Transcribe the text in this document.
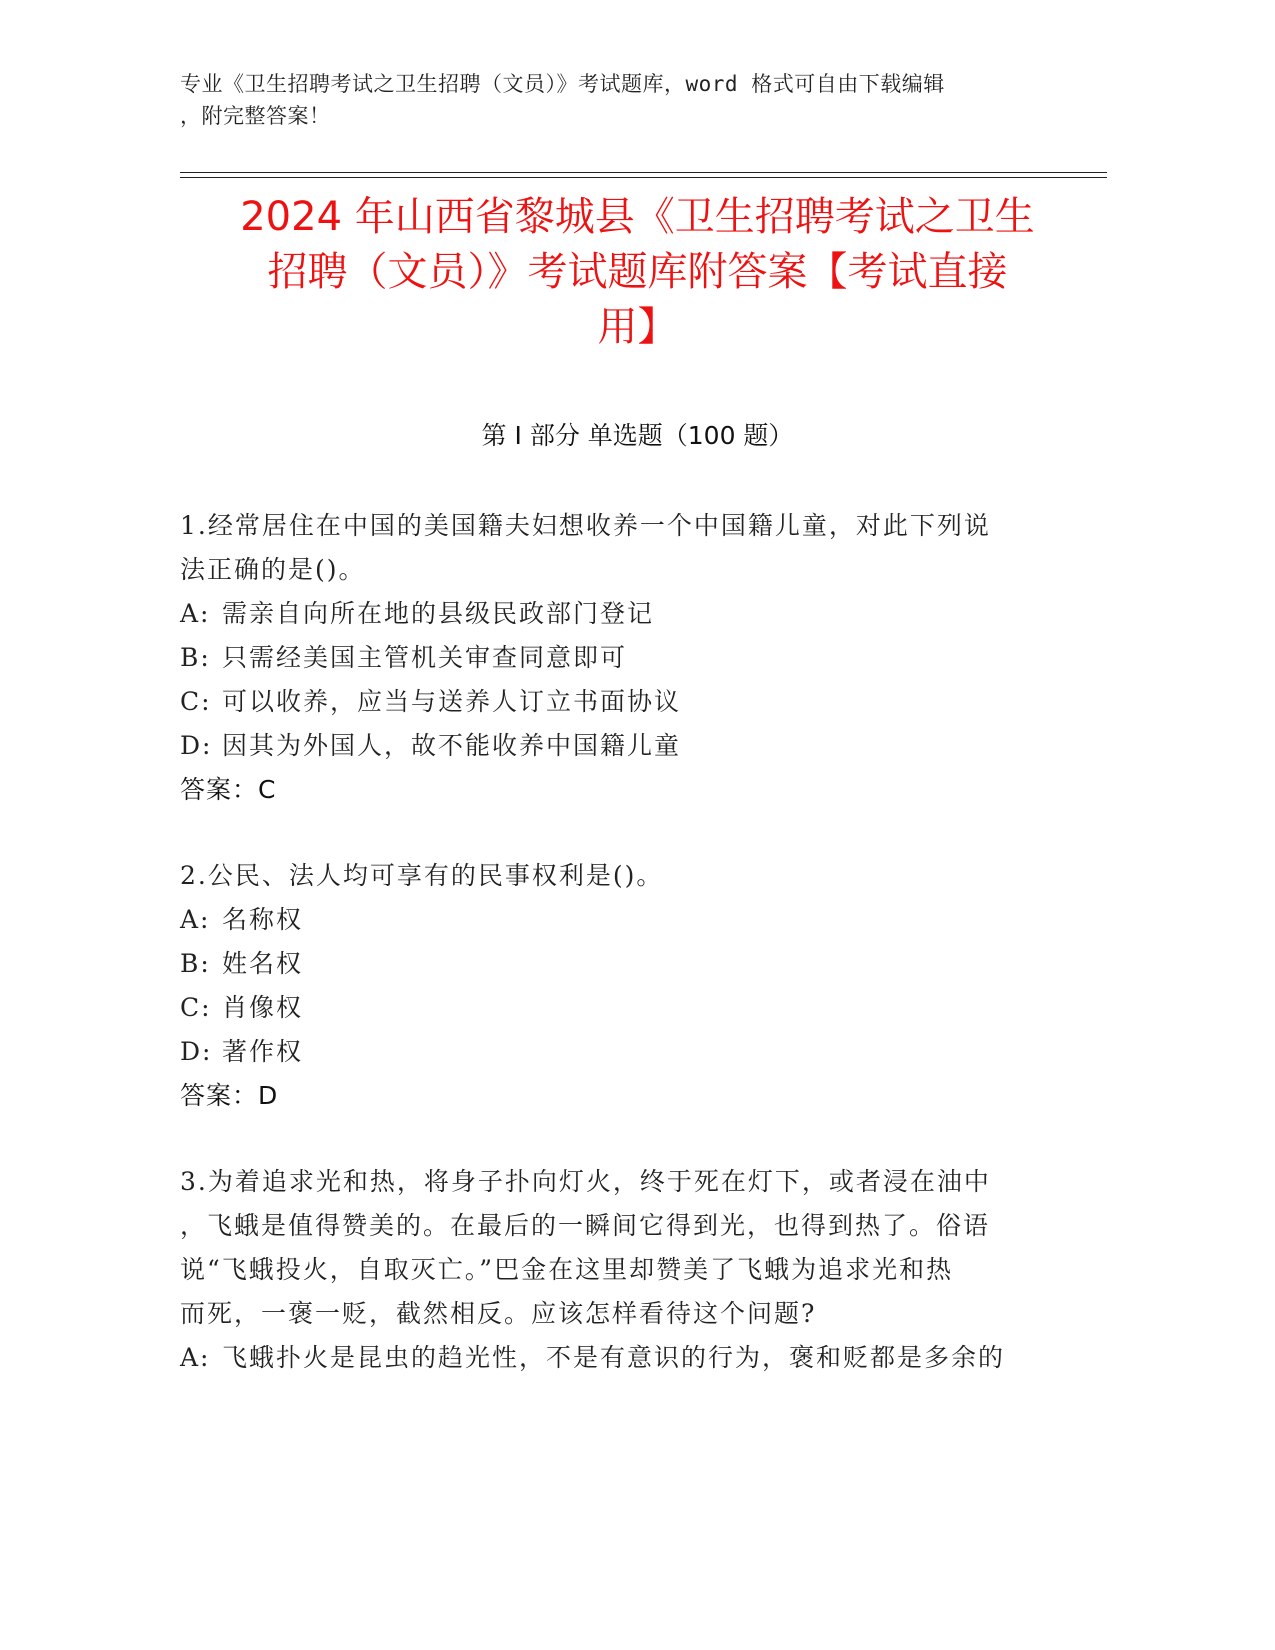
专业《卫生招聘考试之卫生招聘（文员）》考试题库，word 格式可自由下载编辑
，附完整答案！
2024 年山西省黎城县《卫生招聘考试之卫生
招聘（文员）》考试题库附答案【考试直接
用】
第 I 部分 单选题（100 题）
1.经常居住在中国的美国籍夫妇想收养一个中国籍儿童，对此下列说
法正确的是()。
A: 需亲自向所在地的县级民政部门登记
B: 只需经美国主管机关审查同意即可
C: 可以收养，应当与送养人订立书面协议
D: 因其为外国人，故不能收养中国籍儿童
答案：C
2.公民、法人均可享有的民事权利是()。
A: 名称权
B: 姓名权
C: 肖像权
D: 著作权
答案：D
3.为着追求光和热，将身子扑向灯火，终于死在灯下，或者浸在油中
，飞蛾是值得赞美的。在最后的一瞬间它得到光，也得到热了。俗语
说“飞蛾投火，自取灭亡。”巴金在这里却赞美了飞蛾为追求光和热
而死，一褒一贬，截然相反。应该怎样看待这个问题?
A: 飞蛾扑火是昆虫的趋光性，不是有意识的行为，褒和贬都是多余的
